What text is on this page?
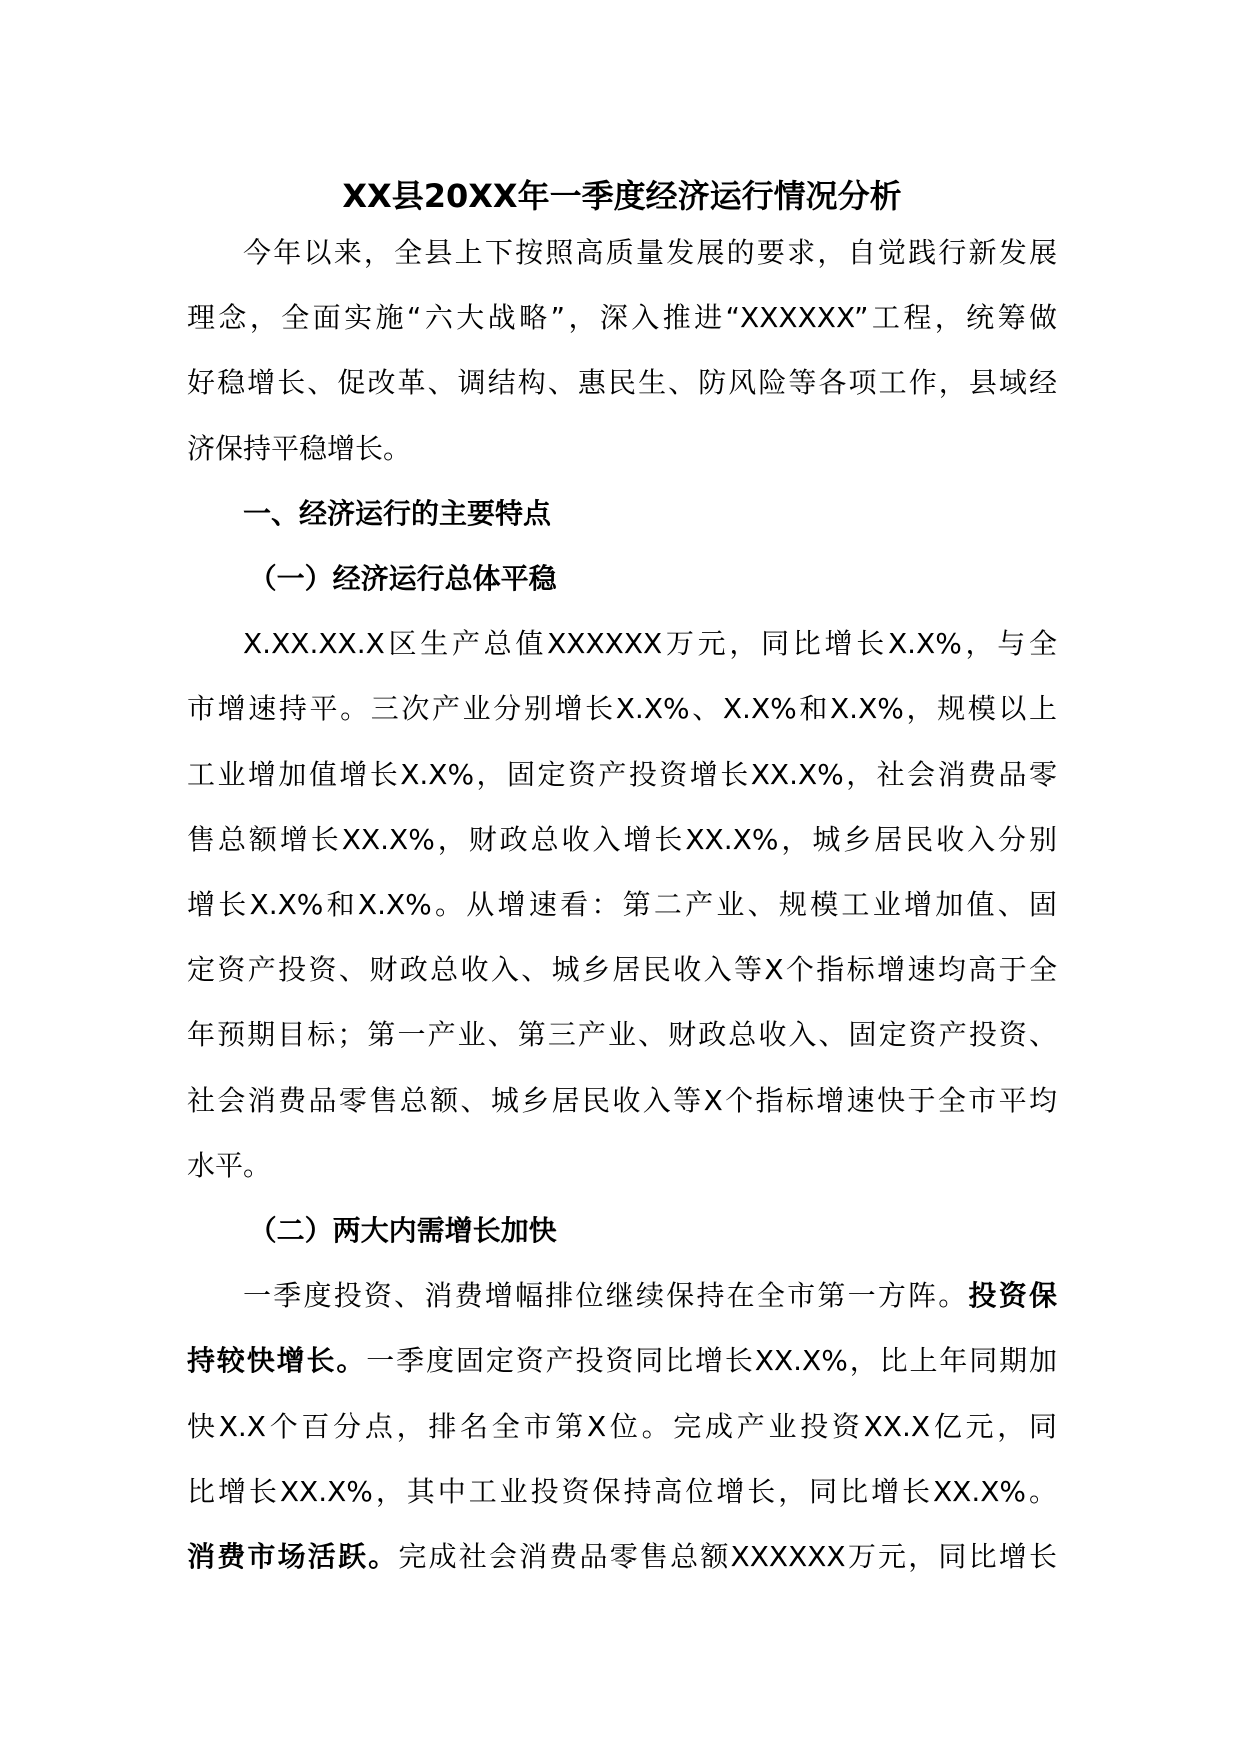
XX县20XX年一季度经济运行情况分析

今年以来，全县上下按照高质量发展的要求，自觉践行新发展
理念，全面实施“六大战略”，深入推进“XXXXXX”工程，统筹做
好稳增长、促改革、调结构、惠民生、防风险等各项工作，县域经
济保持平稳增长。

一、经济运行的主要特点
（一）经济运行总体平稳

X.XX.XX.X区生产总值XXXXXX万元，同比增长X.X%，与全
市增速持平。三次产业分别增长X.X%、X.X%和X.X%，规模以上
工业增加值增长X.X%，固定资产投资增长XX.X%，社会消费品零
售总额增长XX.X%，财政总收入增长XX.X%，城乡居民收入分别
增长X.X%和X.X%。从增速看：第二产业、规模工业增加值、固
定资产投资、财政总收入、城乡居民收入等X个指标增速均高于全
年预期目标；第一产业、第三产业、财政总收入、固定资产投资、
社会消费品零售总额、城乡居民收入等X个指标增速快于全市平均
水平。

（二）两大内需增长加快

一季度投资、消费增幅排位继续保持在全市第一方阵。投资保
持较快增长。一季度固定资产投资同比增长XX.X%，比上年同期加
快X.X个百分点，排名全市第X位。完成产业投资XX.X亿元，同
比增长XX.X%，其中工业投资保持高位增长，同比增长XX.X%。
消费市场活跃。完成社会消费品零售总额XXXXXX万元，同比增长
